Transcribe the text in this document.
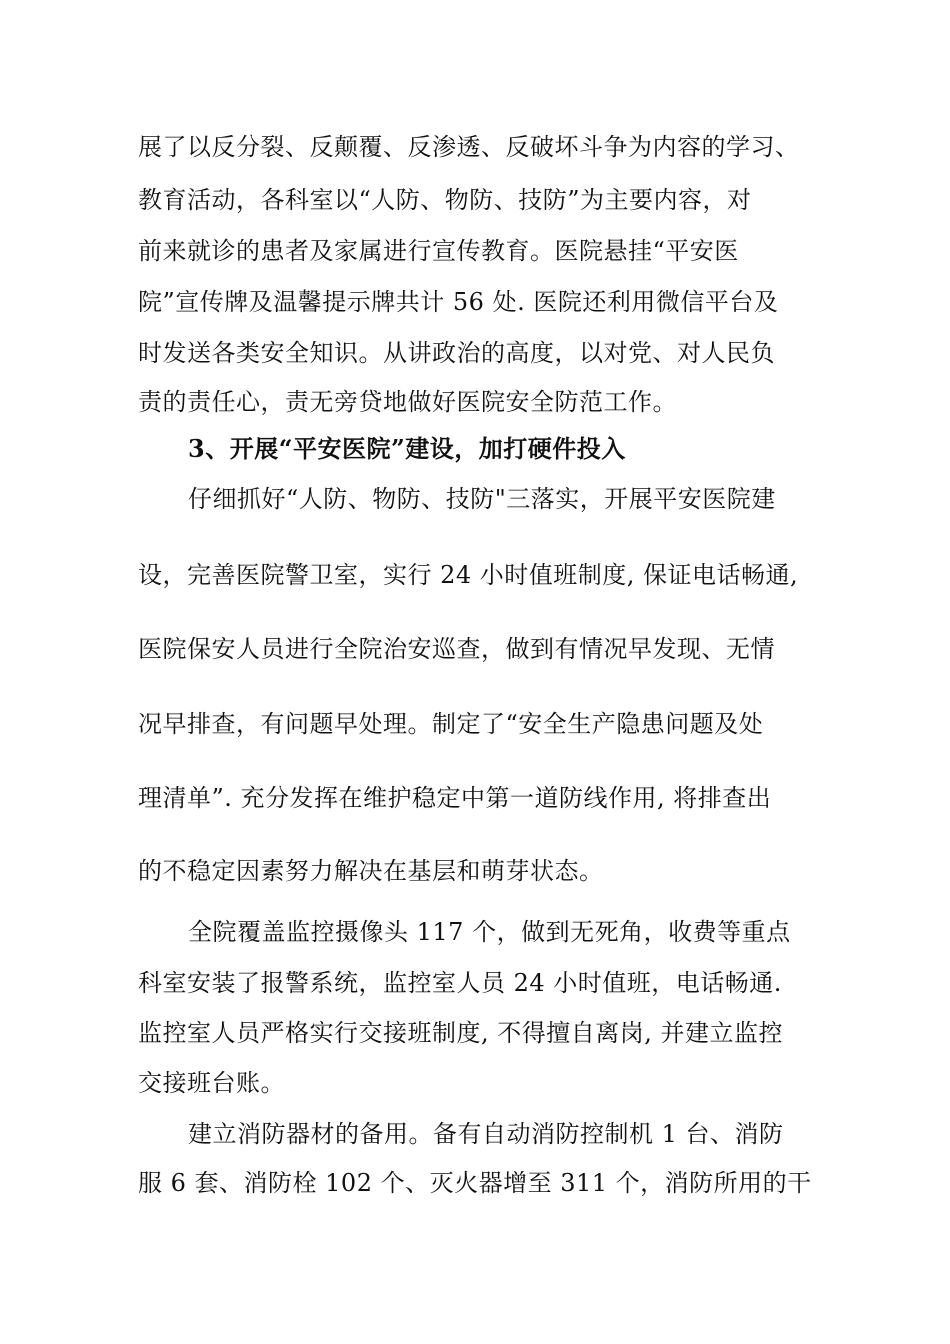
展了以反分裂、反颠覆、反渗透、反破坏斗争为内容的学习、
教育活动，各科室以“人防、物防、技防”为主要内容，对
前来就诊的患者及家属进行宣传教育。医院悬挂“平安医
院”宣传牌及温馨提示牌共计 56 处. 医院还利用微信平台及
时发送各类安全知识。从讲政治的高度，以对党、对人民负
责的责任心，责无旁贷地做好医院安全防范工作。
3、开展“平安医院”建设，加打硬件投入
仔细抓好“人防、物防、技防"三落实，开展平安医院建
设，完善医院警卫室，实行 24 小时值班制度, 保证电话畅通,
医院保安人员进行全院治安巡查，做到有情况早发现、无情
况早排查，有问题早处理。制定了“安全生产隐患问题及处
理清单”. 充分发挥在维护稳定中第一道防线作用, 将排查出
的不稳定因素努力解决在基层和萌芽状态。
全院覆盖监控摄像头 117 个，做到无死角，收费等重点
科室安装了报警系统，监控室人员 24 小时值班，电话畅通.
监控室人员严格实行交接班制度, 不得擅自离岗, 并建立监控
交接班台账。
建立消防器材的备用。备有自动消防控制机 1 台、消防
服 6 套、消防栓 102 个、灭火器增至 311 个，消防所用的干
